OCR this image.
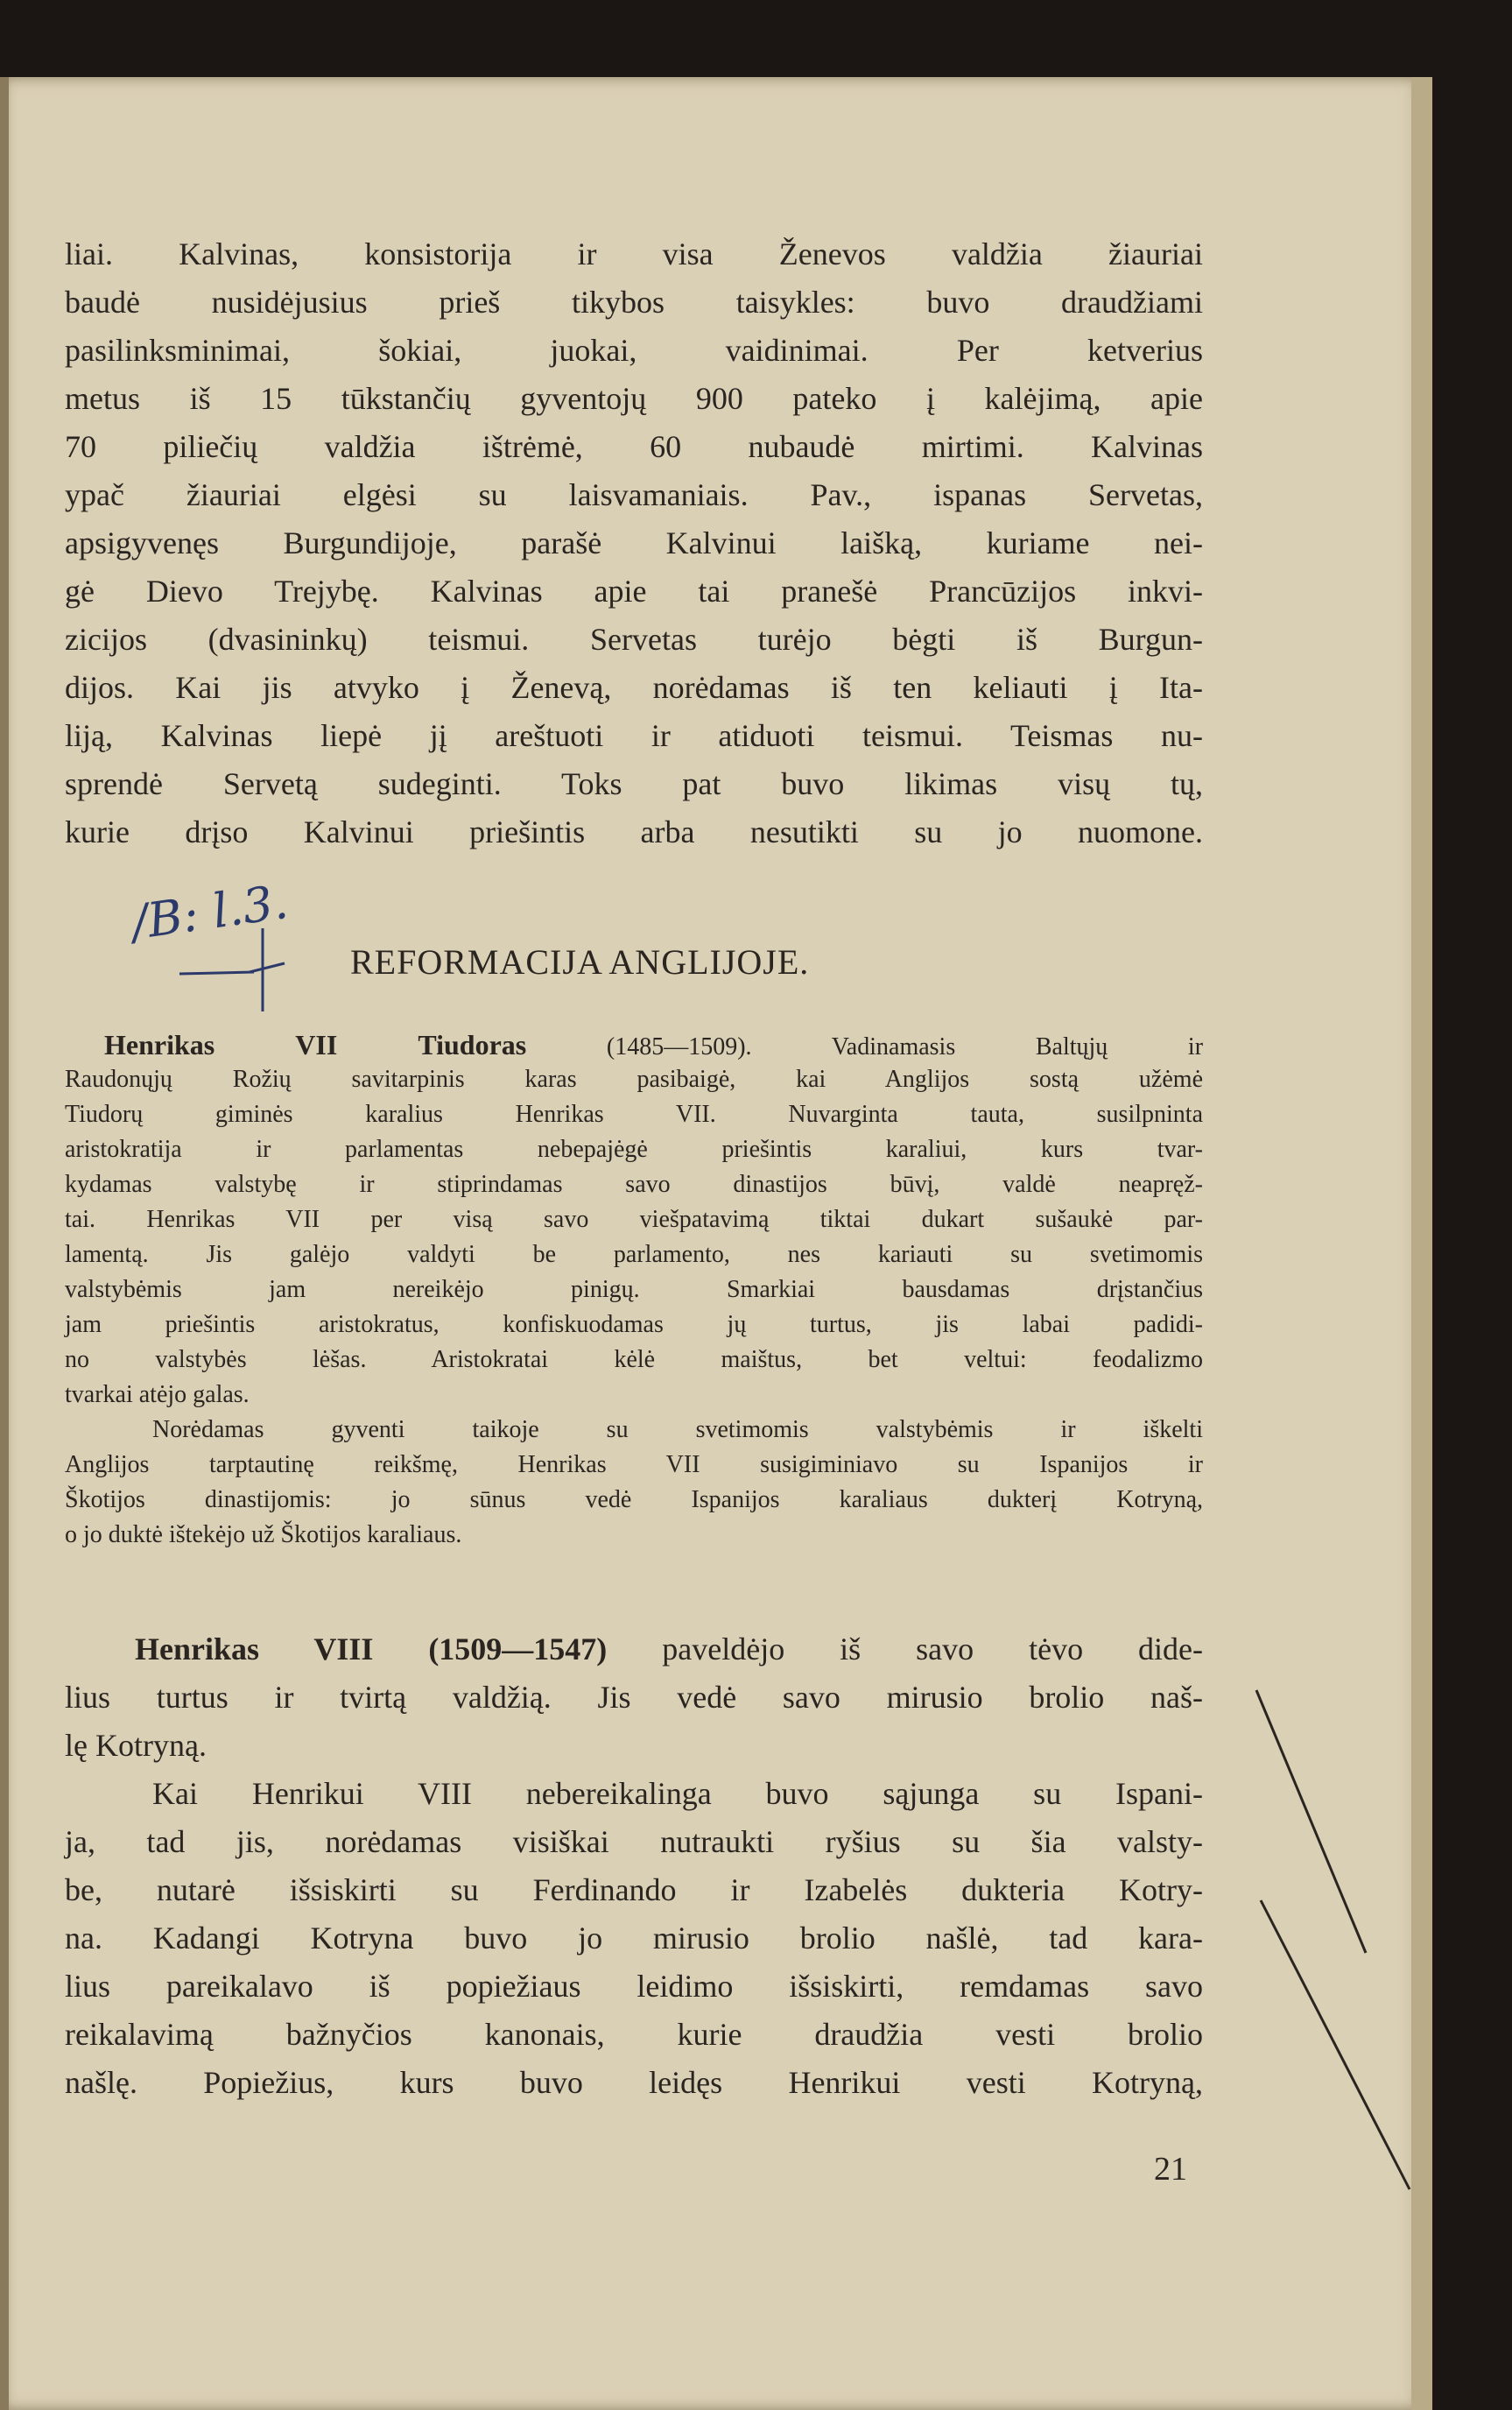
liai. Kalvinas, konsistorija ir visa Ženevos valdžia žiauriai
baudė nusidėjusius prieš tikybos taisykles: buvo draudžiami
pasilinksminimai, šokiai, juokai, vaidinimai. Per ketverius
metus iš 15 tūkstančių gyventojų 900 pateko į kalėjimą, apie
70 piliečių valdžia ištrėmė, 60 nubaudė mirtimi. Kalvinas
ypač žiauriai elgėsi su laisvamaniais. Pav., ispanas Servetas,
apsigyvenęs Burgundijoje, parašė Kalvinui laišką, kuriame nei-
gė Dievo Trejybę. Kalvinas apie tai pranešė Prancūzijos inkvi-
zicijos (dvasininkų) teismui. Servetas turėjo bėgti iš Burgun-
dijos. Kai jis atvyko į Ženevą, norėdamas iš ten keliauti į Ita-
liją, Kalvinas liepė jį areštuoti ir atiduoti teismui. Teismas nu-
sprendė Servetą sudeginti. Toks pat buvo likimas visų tų,
kurie drįso Kalvinui priešintis arba nesutikti su jo nuomone.
/B: l.3.
REFORMACIJA ANGLIJOJE.
Henrikas VII Tiudoras	(1485—1509).	Vadinamasis Baltųjų ir
Raudonųjų Rožių savitarpinis karas pasibaigė, kai Anglijos sostą užėmė
Tiudorų giminės karalius Henrikas VII. Nuvarginta tauta, susilpninta
aristokratija ir parlamentas nebepajėgė priešintis karaliui, kurs tvar-
kydamas valstybę ir stiprindamas savo dinastijos būvį, valdė neapręž-
tai. Henrikas VII per visą savo viešpatavimą tiktai dukart sušaukė par-
lamentą. Jis galėjo valdyti be parlamento, nes kariauti su svetimomis
valstybėmis jam nereikėjo pinigų. Smarkiai bausdamas drįstančius
jam priešintis aristokratus, konfiskuodamas jų turtus, jis labai padidi-
no valstybės lėšas. Aristokratai kėlė maištus, bet veltui: feodalizmo
tvarkai atėjo galas.
Norėdamas gyventi taikoje su svetimomis valstybėmis ir iškelti
Anglijos tarptautinę reikšmę, Henrikas VII susigiminiavo su Ispanijos ir
Škotijos dinastijomis: jo sūnus vedė Ispanijos karaliaus dukterį Kotryną,
o jo duktė ištekėjo už Škotijos karaliaus.
Henrikas VIII (1509—1547) paveldėjo iš savo tėvo dide-
lius turtus ir tvirtą valdžią. Jis vedė savo mirusio brolio naš-
lę Kotryną.
Kai Henrikui VIII nebereikalinga buvo sąjunga su Ispani-
ja, tad jis, norėdamas visiškai nutraukti ryšius su šia valsty-
be, nutarė išsiskirti su Ferdinando ir Izabelės dukteria Kotry-
na. Kadangi Kotryna buvo jo mirusio brolio našlė, tad kara-
lius pareikalavo iš popiežiaus leidimo išsiskirti, remdamas savo
reikalavimą bažnyčios kanonais, kurie draudžia vesti brolio
našlę. Popiežius, kurs buvo leidęs Henrikui vesti Kotryną,
21
